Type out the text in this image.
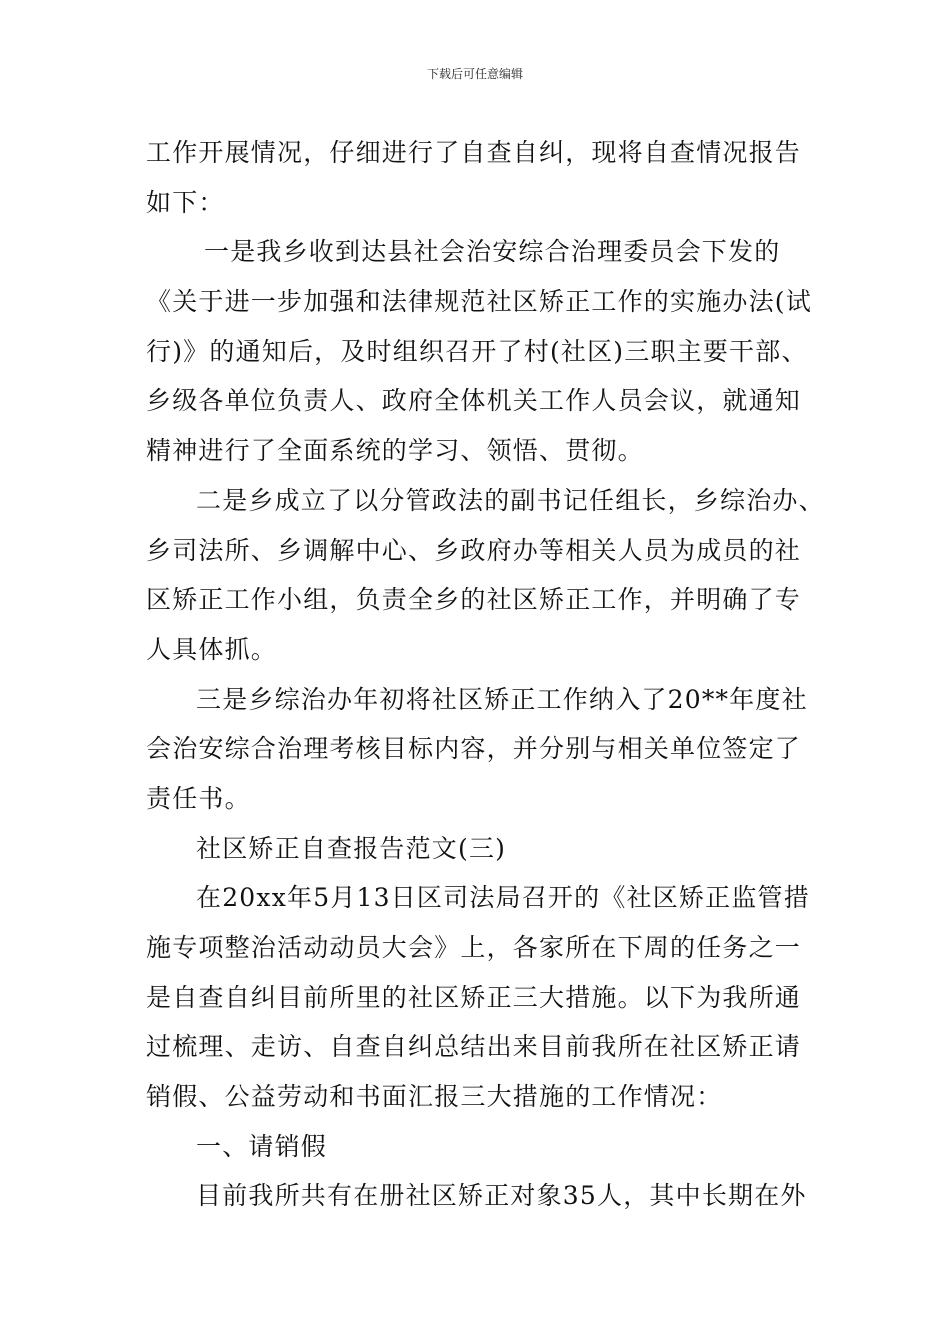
下载后可任意编辑
工作开展情况，仔细进行了自查自纠，现将自查情况报告
如下：
一是我乡收到达县社会治安综合治理委员会下发的
《关于进一步加强和法律规范社区矫正工作的实施办法(试
行)》的通知后，及时组织召开了村(社区)三职主要干部、
乡级各单位负责人、政府全体机关工作人员会议，就通知
精神进行了全面系统的学习、领悟、贯彻。
二是乡成立了以分管政法的副书记任组长，乡综治办、
乡司法所、乡调解中心、乡政府办等相关人员为成员的社
区矫正工作小组，负责全乡的社区矫正工作，并明确了专
人具体抓。
三是乡综治办年初将社区矫正工作纳入了20**年度社
会治安综合治理考核目标内容，并分别与相关单位签定了
责任书。
社区矫正自查报告范文(三)
在20xx年5月13日区司法局召开的《社区矫正监管措
施专项整治活动动员大会》上，各家所在下周的任务之一
是自查自纠目前所里的社区矫正三大措施。以下为我所通
过梳理、走访、自查自纠总结出来目前我所在社区矫正请
销假、公益劳动和书面汇报三大措施的工作情况：
一、请销假
目前我所共有在册社区矫正对象35人，其中长期在外
